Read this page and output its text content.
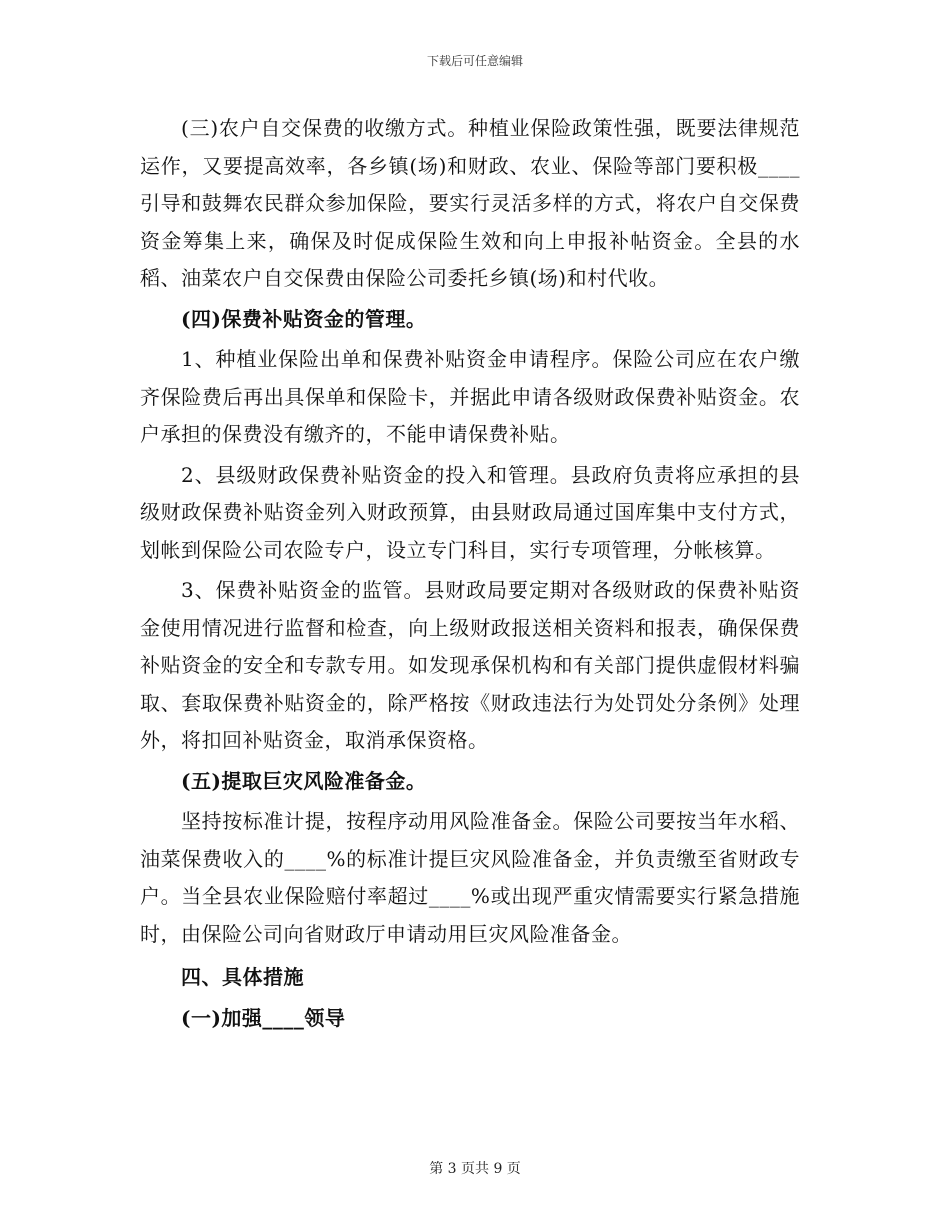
下载后可任意编辑

(三)农户自交保费的收缴方式。种植业保险政策性强，既要法律规范运作，又要提高效率，各乡镇(场)和财政、农业、保险等部门要积极____引导和鼓舞农民群众参加保险，要实行灵活多样的方式，将农户自交保费资金筹集上来，确保及时促成保险生效和向上申报补帖资金。全县的水稻、油菜农户自交保费由保险公司委托乡镇(场)和村代收。

(四)保费补贴资金的管理。

1、种植业保险出单和保费补贴资金申请程序。保险公司应在农户缴齐保险费后再出具保单和保险卡，并据此申请各级财政保费补贴资金。农户承担的保费没有缴齐的，不能申请保费补贴。

2、县级财政保费补贴资金的投入和管理。县政府负责将应承担的县级财政保费补贴资金列入财政预算，由县财政局通过国库集中支付方式，划帐到保险公司农险专户，设立专门科目，实行专项管理，分帐核算。

3、保费补贴资金的监管。县财政局要定期对各级财政的保费补贴资金使用情况进行监督和检查，向上级财政报送相关资料和报表，确保保费补贴资金的安全和专款专用。如发现承保机构和有关部门提供虚假材料骗取、套取保费补贴资金的，除严格按《财政违法行为处罚处分条例》处理外，将扣回补贴资金，取消承保资格。

(五)提取巨灾风险准备金。

坚持按标准计提，按程序动用风险准备金。保险公司要按当年水稻、油菜保费收入的____%的标准计提巨灾风险准备金，并负责缴至省财政专户。当全县农业保险赔付率超过____%或出现严重灾情需要实行紧急措施时，由保险公司向省财政厅申请动用巨灾风险准备金。

四、具体措施

(一)加强____领导

第 3 页共 9 页
